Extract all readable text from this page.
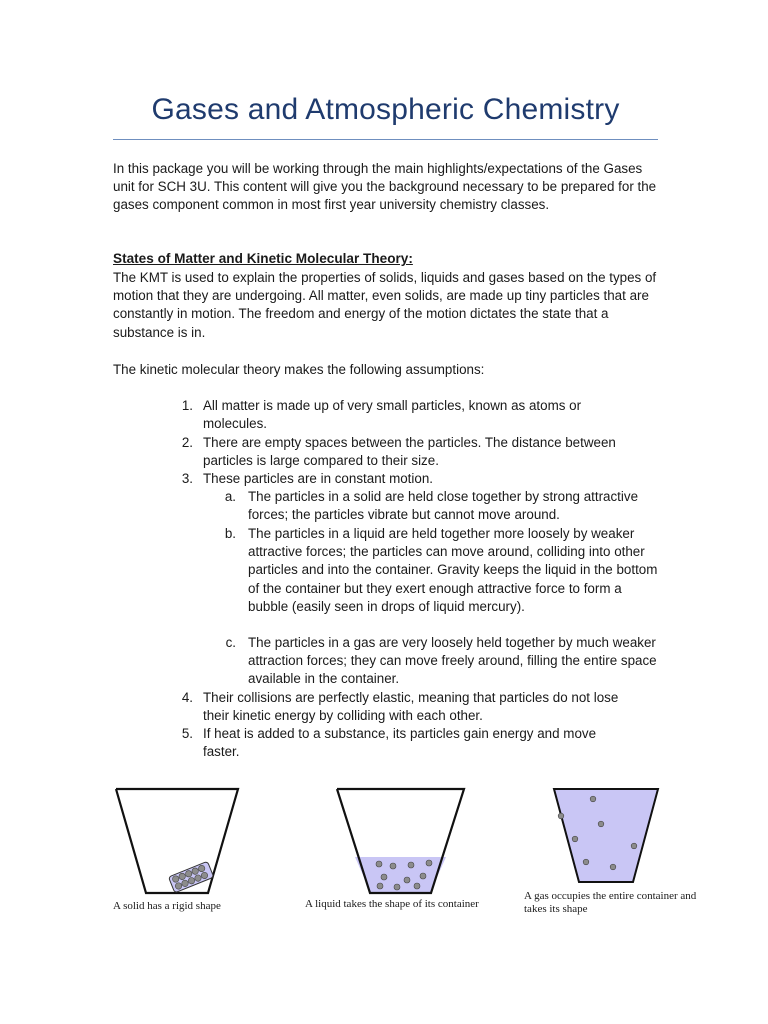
Gases and Atmospheric Chemistry
In this package you will be working through the main highlights/expectations of the Gases unit for SCH 3U. This content will give you the background necessary to be prepared for the gases component common in most first year university chemistry classes.
States of Matter and Kinetic Molecular Theory:
The KMT is used to explain the properties of solids, liquids and gases based on the types of motion that they are undergoing. All matter, even solids, are made up tiny particles that are constantly in motion. The freedom and energy of the motion dictates the state that a substance is in.
The kinetic molecular theory makes the following assumptions:
1. All matter is made up of very small particles, known as atoms or molecules.
2. There are empty spaces between the particles. The distance between particles is large compared to their size.
3. These particles are in constant motion.
a. The particles in a solid are held close together by strong attractive forces; the particles vibrate but cannot move around.
b. The particles in a liquid are held together more loosely by weaker attractive forces; the particles can move around, colliding into other particles and into the container. Gravity keeps the liquid in the bottom of the container but they exert enough attractive force to form a bubble (easily seen in drops of liquid mercury).
c. The particles in a gas are very loosely held together by much weaker attraction forces; they can move freely around, filling the entire space available in the container.
4. Their collisions are perfectly elastic, meaning that particles do not lose their kinetic energy by colliding with each other.
5. If heat is added to a substance, its particles gain energy and move faster.
A solid has a rigid shape	A liquid takes the shape of its container
A gas occupies the entire container and takes its shape
